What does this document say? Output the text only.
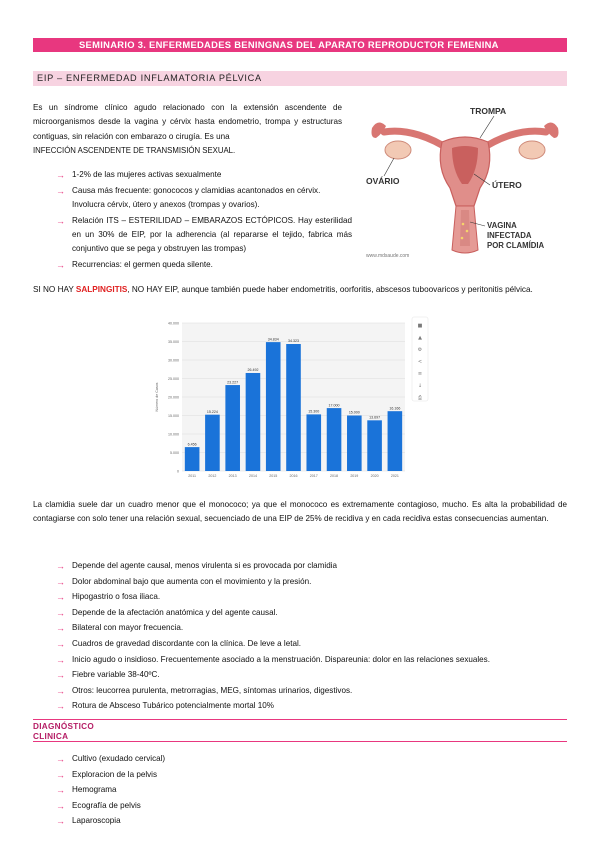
SEMINARIO 3. ENFERMEDADES BENINGNAS DEL APARATO REPRODUCTOR FEMENINA
EIP – ENFERMEDAD INFLAMATORIA PÉLVICA

Es un síndrome clínico agudo relacionado con la extensión ascendente de microorganismos desde la vagina y cérvix hasta endometrio, trompa y estructuras contiguas, sin relación con embarazo o cirugía. Es una
INFECCIÓN ASCENDENTE DE TRANSMISIÓN SEXUAL.

→ 1-2% de las mujeres activas sexualmente
→ Causa más frecuente: gonococos y clamidias acantonados en cérvix. Involucra cérvix, útero y anexos (trompas y ovarios).
→ Relación ITS – ESTERILIDAD – EMBARAZOS ECTÓPICOS. Hay esterilidad en un 30% de EIP, por la adherencia (al repararse el tejido, fabrica más conjuntivo que se pega y obstruyen las trompas)
→ Recurrencias: el germen queda silente.
TROMPA
OVÁRIO	ÚTERO
VAGINA
INFECTADA
POR CLAMÍDIA
www.mdsaude.com

SI NO HAY SALPINGITIS, NO HAY EIP, aunque también puede haber endometritis, oorforitis, abscesos tuboovaricos y peritonitis pélvica.

0
5.000
10.000
15.000
20.000
25.000
30.000
35.000
40.000
Número de Casos
6.456
2011
15.224
2012
23.227
2013
26.492
2014
34.834
2015
34.323
2016
15.300
2017
17.000
2018
15.000
2019
13.697
2020
16.166
2021
■
▲
⚙
<
≡
↓
⎙

La clamidia suele dar un cuadro menor que el monococo; ya que el monococo es extremamente contagioso, mucho. Es alta la probabilidad de contagiarse con solo tener una relación sexual, secuenciado de una EIP de 25% de recidiva y en cada recidiva estas consecuencias aumentan.

→ Depende del agente causal, menos virulenta si es provocada por clamidia
→ Dolor abdominal bajo que aumenta con el movimiento y la presión.
→ Hipogastrio o fosa iliaca.
→ Depende de la afectación anatómica y del agente causal.
→ Bilateral con mayor frecuencia.
→ Cuadros de gravedad discordante con la clínica. De leve a letal.
→ Inicio agudo o insidioso. Frecuentemente asociado a la menstruación. Dispareunia: dolor en las relaciones sexuales.
→ Fiebre variable 38-40ºC.
→ Otros: leucorrea purulenta, metrorragias, MEG, síntomas urinarios, digestivos.
→ Rotura de Absceso Tubárico potencialmente mortal 10%
DIAGNÓSTICO
CLINICA
→ Cultivo (exudado cervical)
→ Exploracion de la pelvis
→ Hemograma
→ Ecografía de pelvis
→ Laparoscopia
